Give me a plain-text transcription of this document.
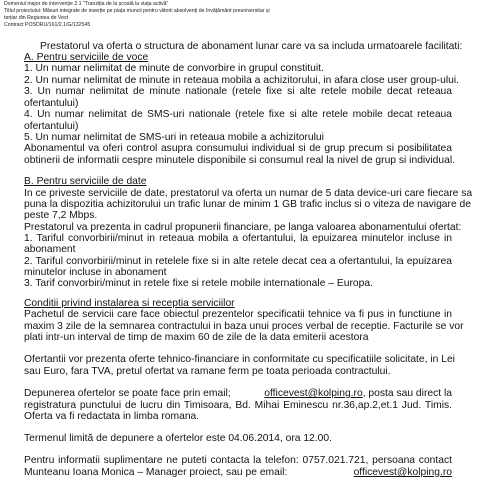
Domeniul major de intervenție 2.1 "Tranziția de la școală la viața activă"
Titlul proiectului: Măsuri integrate de inserție pe piața muncii pentru viitorii absolvenți de învățământ preuniversitar și
terțiar din Regiunea de Vest
Contract POSDRU/161/2.1/G/132545
Prestatorul va oferta o structura de abonament lunar care va sa includa urmatoarele facilitati:
A. Pentru serviciile de voce
1. Un numar nelimitat de minute de convorbire in grupul constituit.
2. Un numar nelimitat de minute in reteaua mobila a achizitorului, in afara close user group-ului.
3. Un numar nelimitat de minute nationale (retele fixe si alte retele mobile decat reteaua
ofertantului)
4. Un numar nelimitat de SMS-uri nationale (retele fixe si alte retele mobile decat reteaua
ofertantului)
5. Un numar nelimitat de SMS-uri in reteaua mobile a achizitorului
Abonamentul va oferi control asupra consumului individual si de grup precum si posibilitatea
obtinerii de informatii cespre minutele disponibile si consumul real la nivel de grup si individual.
B. Pentru serviciile de date
In ce priveste serviciile de date, prestatorul va oferta un numar de 5 data device-uri care fiecare sa
puna la dispozitia achizitorului un trafic lunar de minim 1 GB trafic inclus si o viteza de navigare de
peste 7,2 Mbps.
Prestatorul va prezenta in cadrul propunerii financiare, pe langa valoarea abonamentului ofertat:
1. Tariful convorbirii/minut in reteaua mobila a ofertantului, la epuizarea minutelor incluse in
abonament
2. Tariful convorbirii/minut in retelele fixe si in alte retele decat cea a ofertantului, la epuizarea
minutelor incluse in abonament
3. Tarif convorbiri/minut in retele fixe si retele mobile internationale – Europa.
Conditii privind instalarea si receptia serviciilor
Pachetul de servicii care face obiectul prezentelor specificatii tehnice va fi pus in functiune in
maxim 3 zile de la semnarea contractului in baza unui proces verbal de receptie. Facturile se vor
plati intr-un interval de timp de maxim 60 de zile de la data emiterii acestora
Ofertantii vor prezenta oferte tehnico-financiare in conformitate cu specificatiile solicitate, in Lei
sau Euro, fara TVA, pretul ofertat va ramane ferm pe toata perioada contractului.
Depunerea ofertelor se poate face prin email;	officevest@kolping.ro, posta sau direct la
registratura punctului de lucru din Timisoara, Bd. Mihai Eminescu nr.36,ap.2,et.1 Jud. Timis.
Oferta va fi redactata in limba romana.
Termenul limită de depunere a ofertelor este 04.06.2014, ora 12.00.
Pentru informatii suplimentare ne puteti contacta la telefon: 0757.021.721, persoana contact
Munteanu Ioana Monica – Manager proiect, sau pe email:	officevest@kolping.ro
